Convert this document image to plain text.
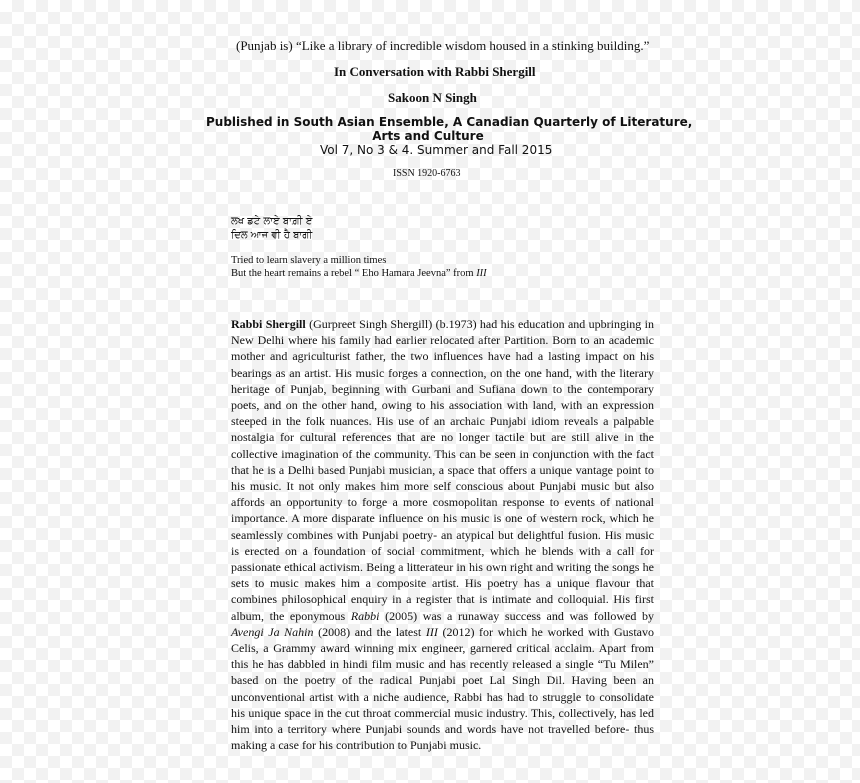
(Punjab is) “Like a library of incredible wisdom housed in a stinking building.”
In Conversation with Rabbi Shergill
Sakoon N Singh
Published in South Asian Ensemble, A Canadian Quarterly of Literature,
Arts and Culture
Vol 7, No 3 & 4. Summer and Fall 2015
ISSN 1920-6763
ਲਖ ਡਟੇ ਲਾਏ ਬਾਗ਼ੀ ਏ
ਦਿਲ ਆਜ ਵੀ ਹੈ ਬਾਗੀ
Tried to learn slavery a million times
But the heart remains a rebel “ Eho Hamara Jeevna” from III
Rabbi Shergill (Gurpreet Singh Shergill) (b.1973) had his education and upbringing in New Delhi where his family had earlier relocated after Partition. Born to an academic mother and agriculturist father, the two influences have had a lasting impact on his bearings as an artist. His music forges a connection, on the one hand, with the literary heritage of Punjab, beginning with Gurbani and Sufiana down to the contemporary poets, and on the other hand, owing to his association with land, with an expression steeped in the folk nuances. His use of an archaic Punjabi idiom reveals a palpable nostalgia for cultural references that are no longer tactile but are still alive in the collective imagination of the community. This can be seen in conjunction with the fact that he is a Delhi based Punjabi musician, a space that offers a unique vantage point to his music. It not only makes him more self conscious about Punjabi music but also affords an opportunity to forge a more cosmopolitan response to events of national importance. A more disparate influence on his music is one of western rock, which he seamlessly combines with Punjabi poetry- an atypical but delightful fusion. His music is erected on a foundation of social commitment, which he blends with a call for passionate ethical activism. Being a litterateur in his own right and writing the songs he sets to music makes him a composite artist. His poetry has a unique flavour that combines philosophical enquiry in a register that is intimate and colloquial. His first album, the eponymous Rabbi (2005) was a runaway success and was followed by Avengi Ja Nahin (2008) and the latest III (2012) for which he worked with Gustavo Celis, a Grammy award winning mix engineer, garnered critical acclaim. Apart from this he has dabbled in hindi film music and has recently released a single “Tu Milen” based on the poetry of the radical Punjabi poet Lal Singh Dil. Having been an unconventional artist with a niche audience, Rabbi has had to struggle to consolidate his unique space in the cut throat commercial music industry. This, collectively, has led him into a territory where Punjabi sounds and words have not travelled before- thus making a case for his contribution to Punjabi music.
